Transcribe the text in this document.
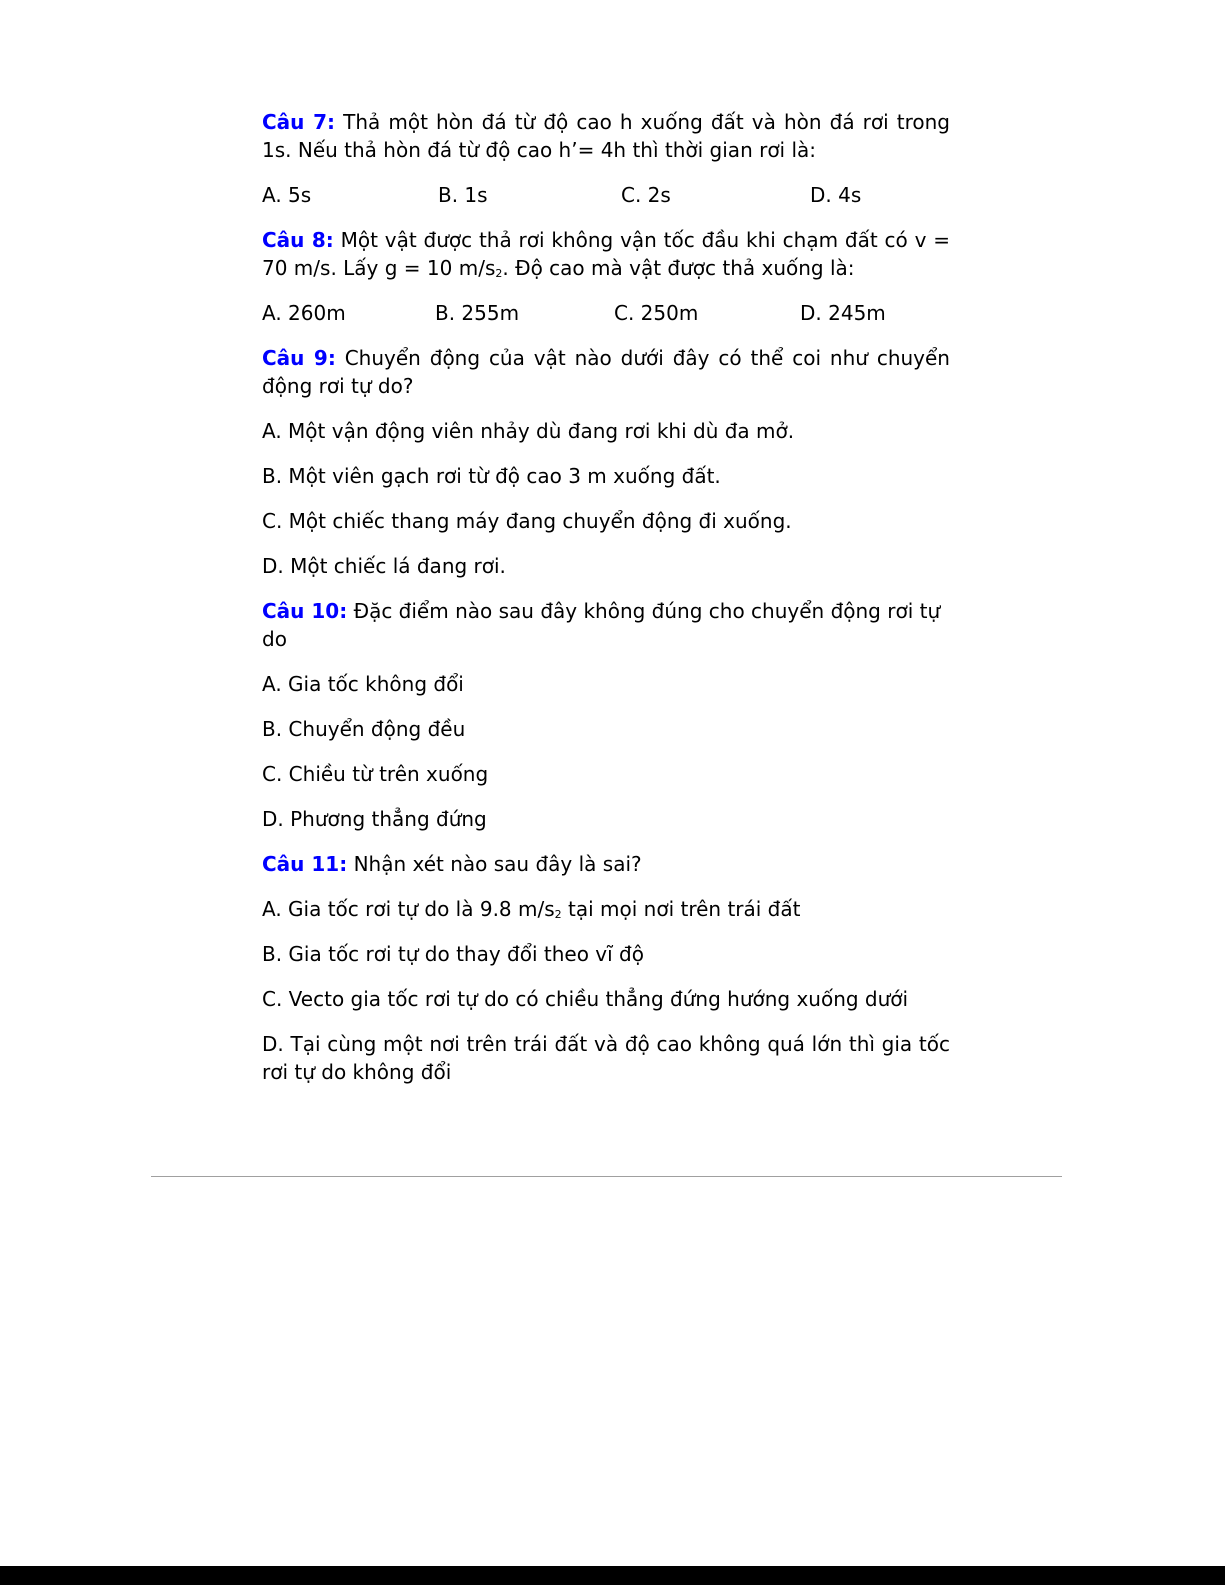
Câu 7: Thả một hòn đá từ độ cao h xuống đất và hòn đá rơi trong 1s. Nếu thả hòn đá từ độ cao h’= 4h thì thời gian rơi là:

A. 5s	B. 1s	C. 2s	D. 4s

Câu 8: Một vật được thả rơi không vận tốc đầu khi chạm đất có v = 70 m/s. Lấy g = 10 $m/s_2$. Độ cao mà vật được thả xuống là:

A. 260m	B. 255m	C. 250m	D. 245m

Câu 9: Chuyển động của vật nào dưới đây có thể coi như chuyển động rơi tự do?

A. Một vận động viên nhảy dù đang rơi khi dù đa mở.
B. Một viên gạch rơi từ độ cao 3 m xuống đất.
C. Một chiếc thang máy đang chuyển động đi xuống.
D. Một chiếc lá đang rơi.

Câu 10: Đặc điểm nào sau đây không đúng cho chuyển động rơi tự do

A. Gia tốc không đổi
B. Chuyển động đều
C. Chiều từ trên xuống
D. Phương thẳng đứng

Câu 11: Nhận xét nào sau đây là sai?

A. Gia tốc rơi tự do là 9.8 $m/s_2$ tại mọi nơi trên trái đất
B. Gia tốc rơi tự do thay đổi theo vĩ độ
C. Vecto gia tốc rơi tự do có chiều thẳng đứng hướng xuống dưới
D. Tại cùng một nơi trên trái đất và độ cao không quá lớn thì gia tốc rơi tự do không đổi
